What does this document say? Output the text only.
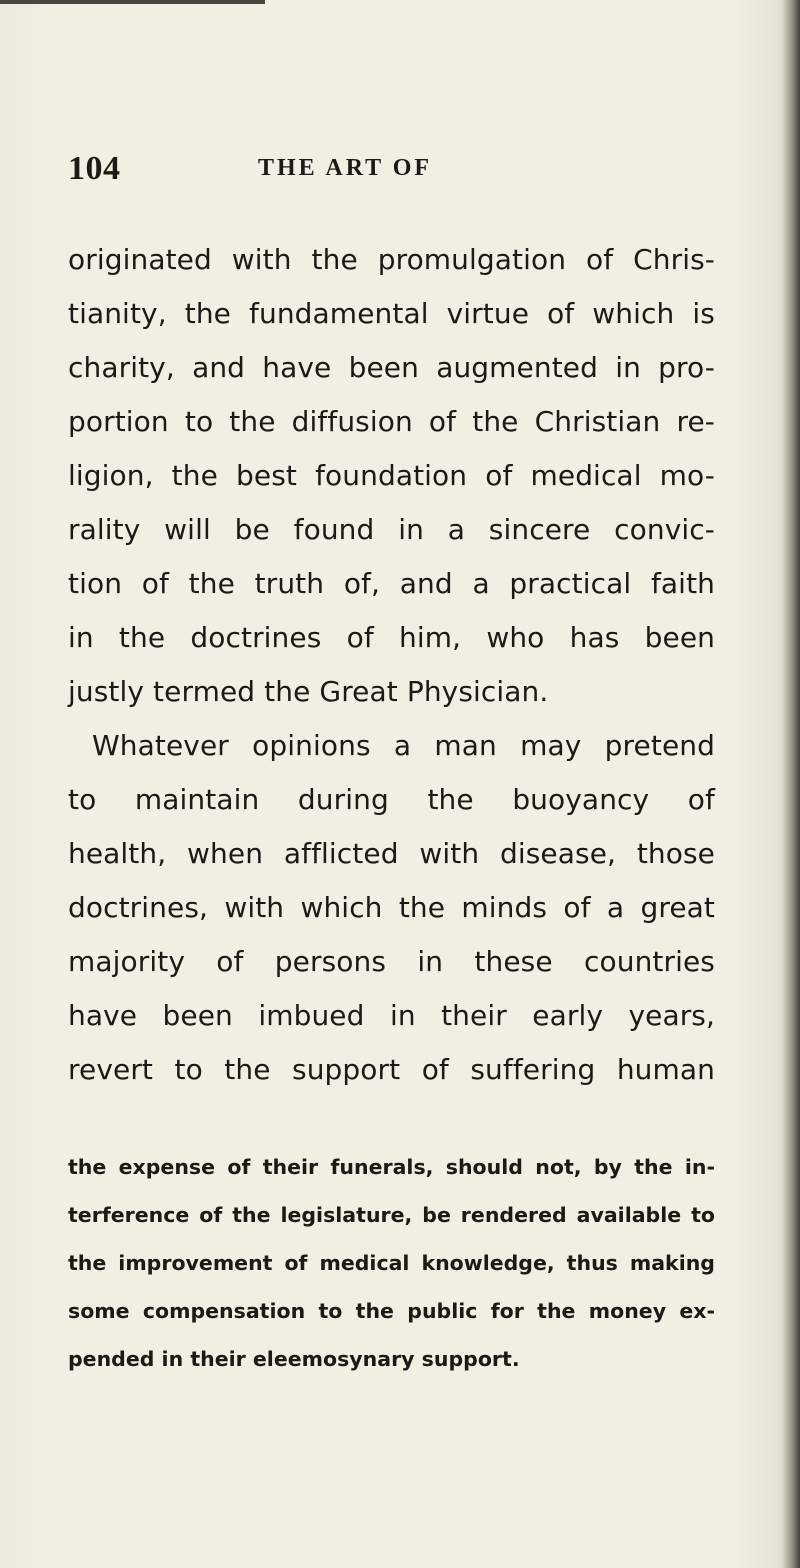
104	THE ART OF
originated with the promulgation of Chris-
tianity, the fundamental virtue of which is
charity, and have been augmented in pro-
portion to the diffusion of the Christian re-
ligion, the best foundation of medical mo-
rality will be found in a sincere convic-
tion of the truth of, and a practical faith
in the doctrines of him, who has been
justly termed the Great Physician.
Whatever opinions a man may pretend
to maintain during the buoyancy of
health, when afflicted with disease, those
doctrines, with which the minds of a great
majority of persons in these countries
have been imbued in their early years,
revert to the support of suffering human
the expense of their funerals, should not, by the in-
terference of the legislature, be rendered available to
the improvement of medical knowledge, thus making
some compensation to the public for the money ex-
pended in their eleemosynary support.
